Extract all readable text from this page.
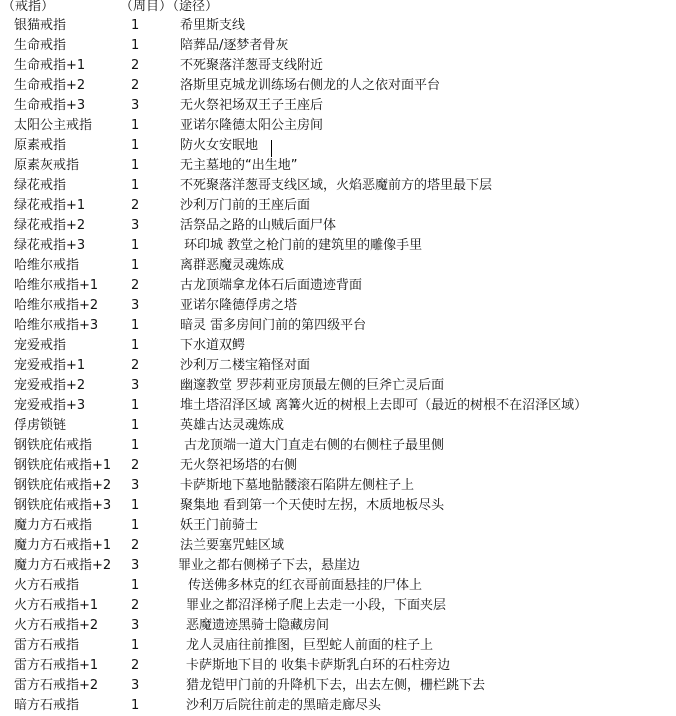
（戒指）	（周目）
（途径）
银猫戒指	1	希里斯支线
生命戒指	1	陪葬品/逐梦者骨灰
生命戒指+1	2	不死聚落洋葱哥支线附近
生命戒指+2	2	洛斯里克城龙训练场右侧龙的人之依对面平台
生命戒指+3	3	无火祭祀场双王子王座后
太阳公主戒指	1	亚诺尔隆德太阳公主房间
原素戒指	1	防火女安眠地
原素灰戒指	1	无主墓地的“出生地”
绿花戒指	1	不死聚落洋葱哥支线区域，火焰恶魔前方的塔里最下层
绿花戒指+1	2	沙利万门前的王座后面
绿花戒指+2	3	活祭品之路的山贼后面尸体
绿花戒指+3	1	环印城 教堂之枪门前的建筑里的雕像手里
哈维尔戒指	1	离群恶魔灵魂炼成
哈维尔戒指+1	2	古龙顶端拿龙体石后面遗迹背面
哈维尔戒指+2	3	亚诺尔隆德俘虏之塔
哈维尔戒指+3	1	暗灵 雷多房间门前的第四级平台
宠爱戒指	1	下水道双鳄
宠爱戒指+1	2	沙利万二楼宝箱怪对面
宠爱戒指+2	3	幽邃教堂 罗莎莉亚房顶最左侧的巨斧亡灵后面
宠爱戒指+3	1	堆土塔沼泽区域 离篝火近的树根上去即可（最近的树根不在沼泽区域）
俘虏锁链	1	英雄古达灵魂炼成
钢铁庇佑戒指	1	古龙顶端一道大门直走右侧的右侧柱子最里侧
钢铁庇佑戒指+1 2	无火祭祀场塔的右侧
钢铁庇佑戒指+2 3	卡萨斯地下墓地骷髅滚石陷阱左侧柱子上
钢铁庇佑戒指+3 1	聚集地 看到第一个天使时左拐，木质地板尽头
魔力方石戒指	1	妖王门前骑士
魔力方石戒指+1 2	法兰要塞咒蛙区域
魔力方石戒指+2 3	罪业之都右侧梯子下去，悬崖边
火方石戒指	1	传送佛多林克的红衣哥前面悬挂的尸体上
火方石戒指+1	2	罪业之都沼泽梯子爬上去走一小段，下面夹层
火方石戒指+2	3	恶魔遗迹黑骑士隐藏房间
雷方石戒指	1	龙人灵庙往前推图，巨型蛇人前面的柱子上
雷方石戒指+1	2	卡萨斯地下目的 收集卡萨斯乳白环的石柱旁边
雷方石戒指+2	3	猎龙铠甲门前的升降机下去，出去左侧，栅栏跳下去
暗方石戒指	1	沙利万后院往前走的黑暗走廊尽头
